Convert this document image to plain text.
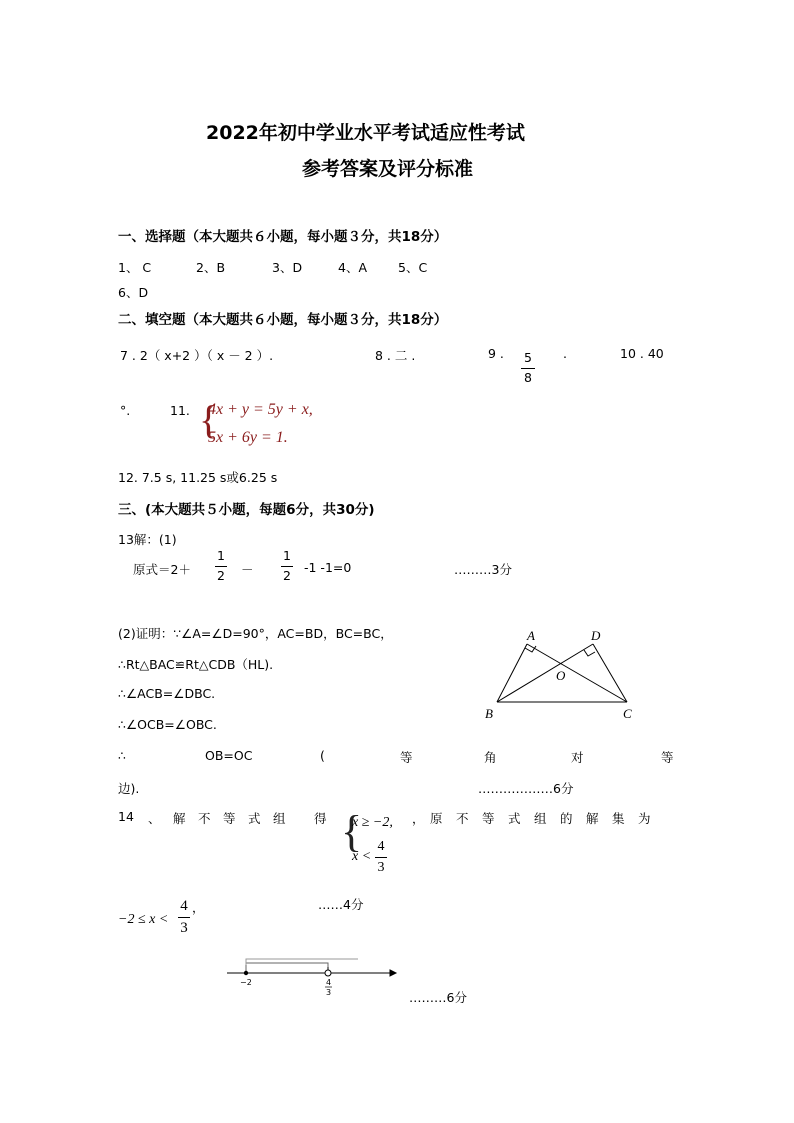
2022年初中学业水平考试适应性考试
参考答案及评分标准
一、选择题（本大题共６小题，每小题３分，共18分）
1、 C	2、B	3、D	4、A 5、C
6、D
二、填空题（本大题共６小题，每小题３分，共18分）
7 . 2（ x+2 ）（ x － 2 ）.	8 . 二 .	9 . 5
8
.	10 . 40
°.	11. {
4x + y = 5y + x,
5x + 6y = 1.
12. 7.5 s, 11.25 s或6.25 s
三、(本大题共５小题，每题6分，共30分)
13解：(1)
原式＝2＋
1
2 －
1
2 -1 -1=0	………3分
(2)证明：∵∠A=∠D=90°，AC=BD，BC=BC，
∴Rt△BAC≌Rt△CDB（HL).
∴∠ACB=∠DBC.
∴∠OCB=∠OBC.
∴	OB=OC	(	等	角	对	等
边).	………………6分
A	D
O
B	C
14 、 解 不 等 式 组 得 {
x ≥ −2,
x <
4
3
， 原 不 等 式 组 的 解 集 为
……4分
−2 ≤ x <
4
3
，
−2	4
3	………6分
